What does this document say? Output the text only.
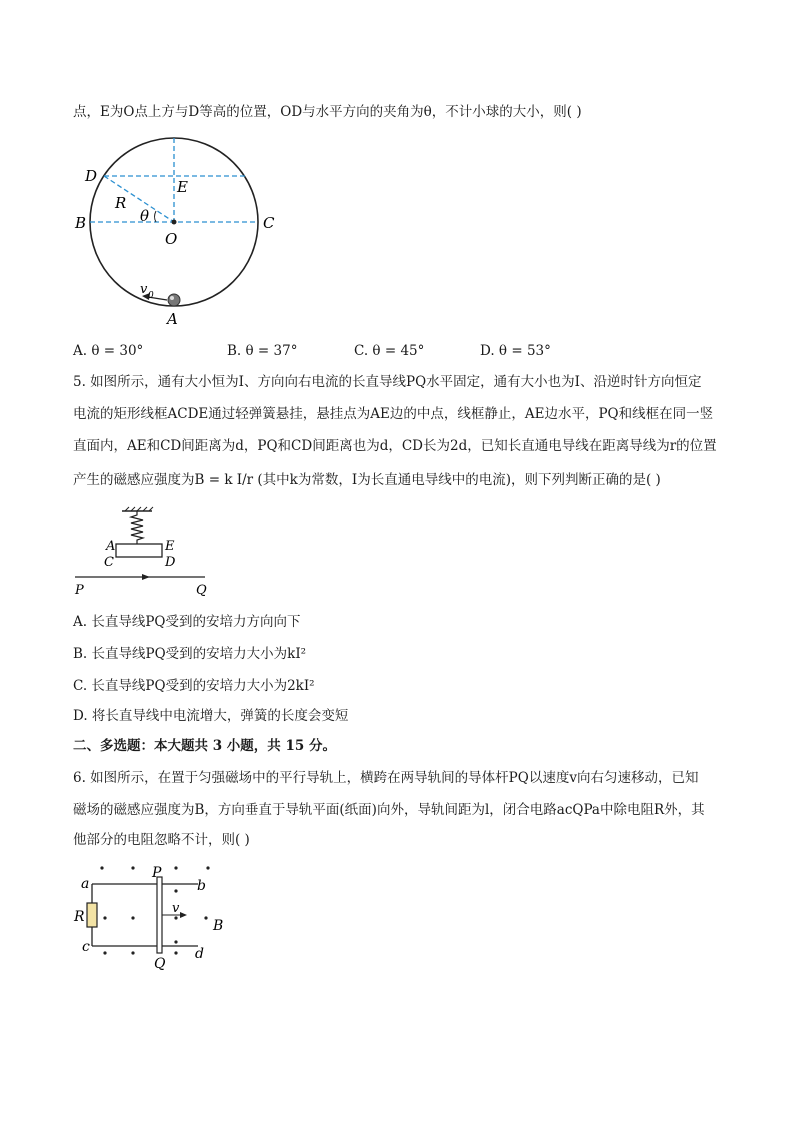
点，E为O点上方与D等高的位置，OD与水平方向的夹角为θ，不计小球的大小，则( )
D
E
R
θ
B
O
C
v 0
A
A. θ = 30°	B. θ = 37°	C. θ = 45°	D. θ = 53°
5. 如图所示，通有大小恒为I、方向向右电流的长直导线PQ水平固定，通有大小也为I、沿逆时针方向恒定
电流的矩形线框ACDE通过轻弹簧悬挂，悬挂点为AE边的中点，线框静止，AE边水平，PQ和线框在同一竖
直面内，AE和CD间距离为d，PQ和CD间距离也为d，CD长为2d，已知长直通电导线在距离导线为r的位置
产生的磁感应强度为B = k I/r (其中k为常数，I为长直通电导线中的电流)，则下列判断正确的是( )
A	E
C	D
P	Q
A. 长直导线PQ受到的安培力方向向下
B. 长直导线PQ受到的安培力大小为kI²
C. 长直导线PQ受到的安培力大小为2kI²
D. 将长直导线中电流增大，弹簧的长度会变短
二、多选题：本大题共 3 小题，共 15 分。
6. 如图所示，在置于匀强磁场中的平行导轨上，横跨在两导轨间的导体杆PQ以速度v向右匀速移动，已知
磁场的磁感应强度为B，方向垂直于导轨平面(纸面)向外，导轨间距为l，闭合电路acQPa中除电阻R外，其
他部分的电阻忽略不计，则( )
a
P
b
R
v
B
c
Q
d
